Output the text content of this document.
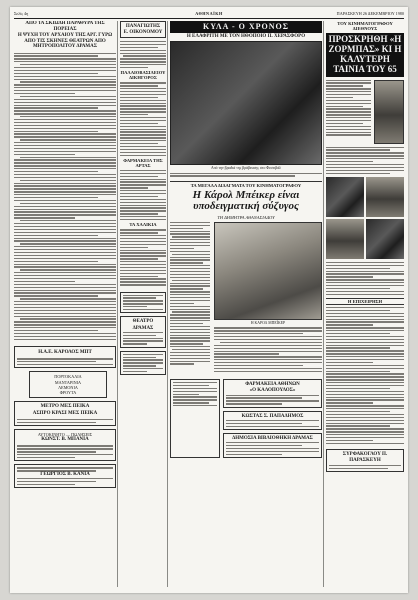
Σελίς 4η	ΑΘΗΝΑΪΚΗ	ΠΑΡΑΣΚΕΥΗ 26 ΔΕΚΕΜΒΡΙΟΥ 1980
ΑΠΟ ΤΑ ΣΚΙΩΔΗ ΠΑΡΑΘΥΡΑ ΤΗΣ ΠΟΡΕΙΑΣ
Η ΨΥΧΗ ΤΟΥ ΑΡΧΑΙΟΥ ΤΗΣ ΑΡΓ. ΓΥΡΩ ΑΠΟ ΤΙΣ ΣΚΗΝΕΣ ΘΕΑΤΡΩΝ ΑΠΟ ΜΗΤΡΟΠΟΛΙΤΟΥ ΔΡΑΜΑΣ
Η.Α.Ε. ΚΑΡΟΛΟΣ ΜΠΤ
ΠΟΡΤΟΚΑΛΙΑ
ΜΑΝΤΑΡΙΝΙΑ
ΛΕΜΟΝΙΑ
ΦΡΟΥΤΑ
ΜΕΤΡΟ ΜΕΣ ΠΕΙΚΑ
ΑΣΠΡΟ ΚΡΑΣΙ ΜΕΣ ΠΕΙΚΑ
ΑΥΤΟΚΙΝΗΤΟ — ΠΩΛΗΣΕΙΣ
ΚΩΝΣΤ. Β. ΜΠΑΝΙΑ
ΓΕΩΡΓΙΟΣ Β. ΚΑΝΙΑ
ΠΑΝΑΓΙΩΤΗΣ Ε. ΟΙΚΟΝΟΜΟΥ
ΠΑΛΑΙΟΒΑΣΙΛΕΙΟΥ ΔΙΚΗΓΟΡΟΣ
ΦΑΡΜΑΚΕΙΑ ΤΗΣ ΑΡΤΑΣ
ΤΑ ΧΑΛΙΚΙΑ
ΘΕΑΤΡΟ ΔΡΑΜΑΣ
ΚΥΛΑ - Ο ΧΡΟΝΟΣ
Η ΕΛΑΦΡΙΤΗ ΜΕ ΤΟΝ ΗΘΟΠΟΙΟ Π. ΧΕΡΑΣΦΟΡΟ
Από την βραδιά της βράβευσης στο Φεστιβάλ
ΤΑ ΜΕΓΑΛΑ ΔΙΔΑΓΜΑΤΑ ΤΟΥ ΚΙΝΗΜΑΤΟΓΡΑΦΟΥ
Η Κάρολ Μπέικερ είναι υποδειγματική σύζυγος
ΤΗ ΔΗΜΗΤΡΑ ΑΘΑΝΑΣΙΑΔΟΥ
Η ΚΑΡΟΛ ΜΠΕΪΚΕΡ
ΦΑΡΜΑΚΕΙΑ ΑΘΗΝΩΝ
«Ο ΚΑΛΟΠΟΥΛΟΣ»
ΚΩΣΤΑΣ Σ. ΠΑΠΑΔΗΜΟΣ
ΔΗΜΟΣΙΑ ΒΙΒΛΙΟΘΗΚΗ ΔΡΑΜΑΣ
ΤΟΥ ΚΙΝΗΜΑΤΟΓΡΑΦΟΥ ΔΙΕΘΝΟΥΣ
ΠΡΟΣΚΡΗΘΗ «Η ΖΟΡΜΠΑΣ» ΚΙ Η ΚΑΛΥΤΕΡΗ ΤΑΙΝΙΑ ΤΟΥ 65
Η ΕΠΙΧΕΙΡΗΣΗ
ΣΥΡΦΑΚΟΓΛΟΥ Π. ΠΑΡΑΣΚΕΥΗ
